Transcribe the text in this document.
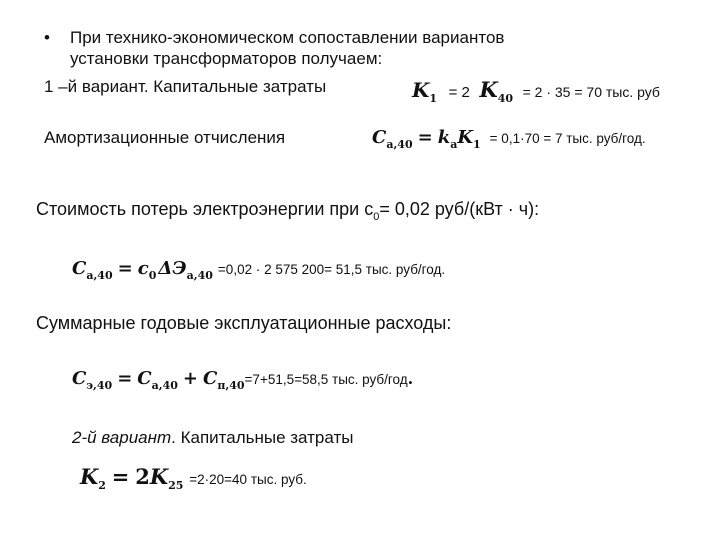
• При технико-экономическом сопоставлении вариантов
установки трансформаторов получаем:
1 –й вариант. Капитальные затраты	$K_1 = 2$ $K_{40} = 2 \cdot 35 = 70$ тыс. руб
Амортизационные отчисления	$C_{а,40} = k_аK_1 = 0,1\cdot 70 = 7$ тыс. руб/год.
Стоимость потерь электроэнергии при $с_0= 0,02$ руб/(кВт · ч):
$C_{а,40} = c_0$ $\Delta Э_{а,40} =0,02 \cdot 2$ 575 200= 51,5 тыс. руб/год.
Суммарные годовые эксплуатационные расходы:
$C_{э,40} = C_{а,40} + C_{п,40}=7+51,5=58,5$ тыс. руб/год.
2-й вариант. Капитальные затраты
$K_2 = 2K_{25} =2\cdot 20=40$ тыс. руб.
